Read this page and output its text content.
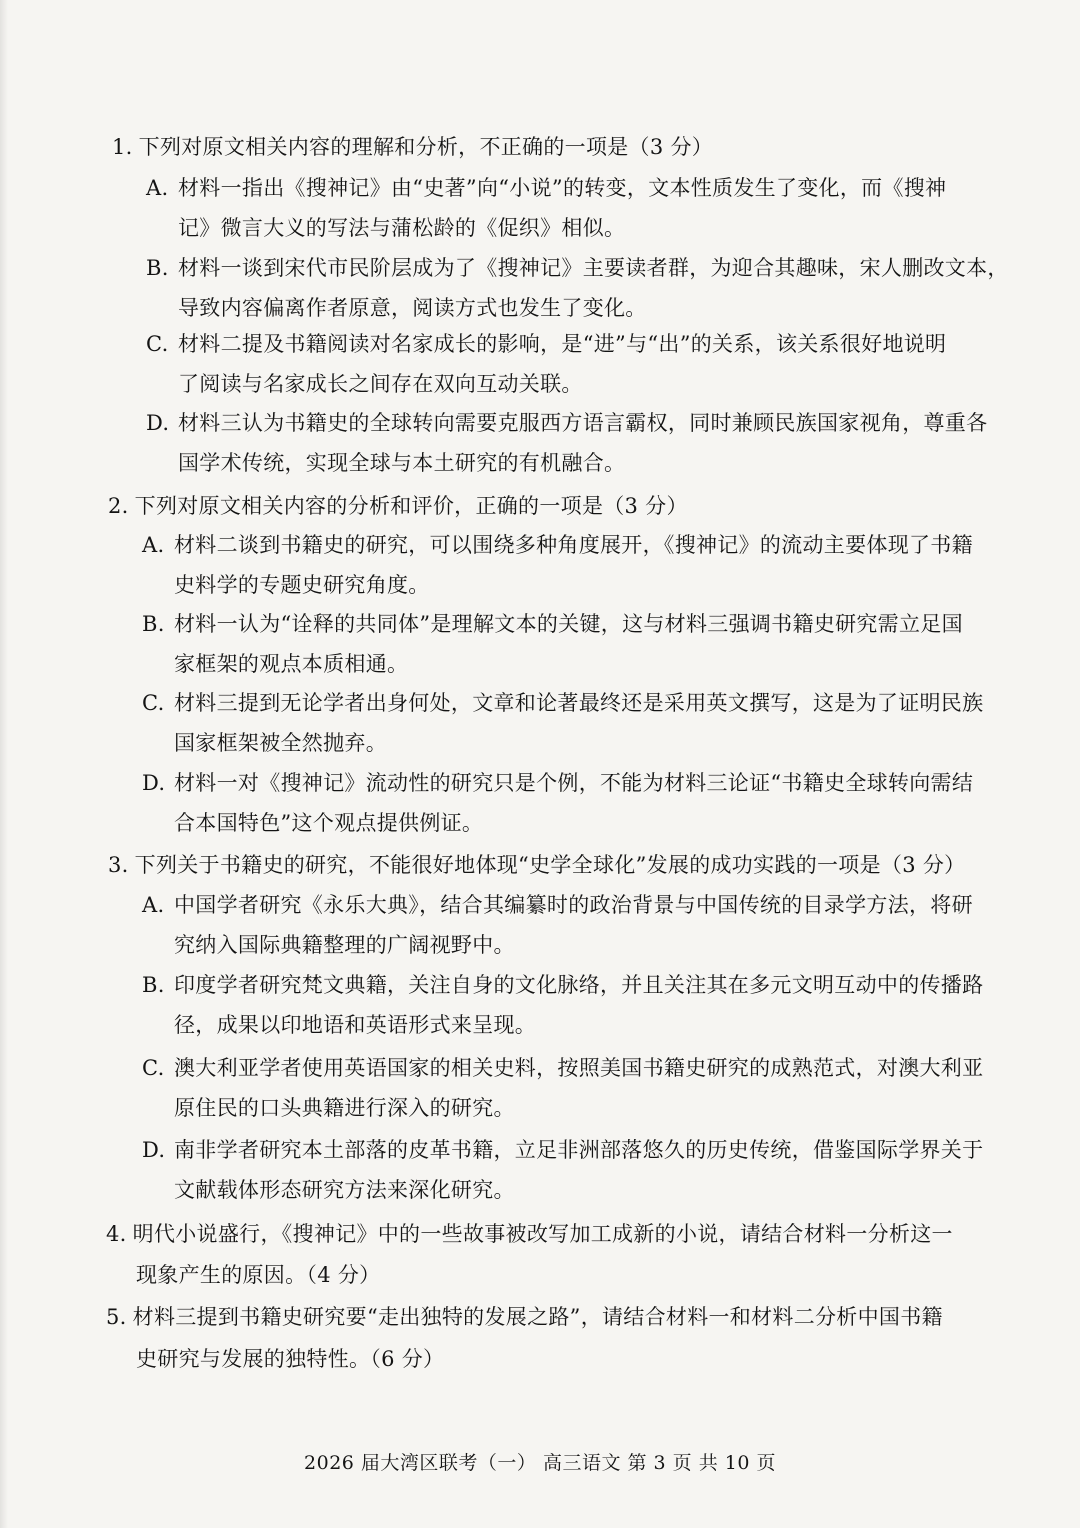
1. 下列对原文相关内容的理解和分析，不正确的一项是（3 分）
A. 材料一指出《搜神记》由“史著”向“小说”的转变，文本性质发生了变化，而《搜神
记》微言大义的写法与蒲松龄的《促织》相似。
B. 材料一谈到宋代市民阶层成为了《搜神记》主要读者群，为迎合其趣味，宋人删改文本，
导致内容偏离作者原意，阅读方式也发生了变化。
C. 材料二提及书籍阅读对名家成长的影响，是“进”与“出”的关系，该关系很好地说明
了阅读与名家成长之间存在双向互动关联。
D. 材料三认为书籍史的全球转向需要克服西方语言霸权，同时兼顾民族国家视角，尊重各
国学术传统，实现全球与本土研究的有机融合。
2. 下列对原文相关内容的分析和评价，正确的一项是（3 分）
A. 材料二谈到书籍史的研究，可以围绕多种角度展开，《搜神记》的流动主要体现了书籍
史料学的专题史研究角度。
B. 材料一认为“诠释的共同体”是理解文本的关键，这与材料三强调书籍史研究需立足国
家框架的观点本质相通。
C. 材料三提到无论学者出身何处，文章和论著最终还是采用英文撰写，这是为了证明民族
国家框架被全然抛弃。
D. 材料一对《搜神记》流动性的研究只是个例，不能为材料三论证“书籍史全球转向需结
合本国特色”这个观点提供例证。
3. 下列关于书籍史的研究，不能很好地体现“史学全球化”发展的成功实践的一项是（3 分）
A. 中国学者研究《永乐大典》，结合其编纂时的政治背景与中国传统的目录学方法，将研
究纳入国际典籍整理的广阔视野中。
B. 印度学者研究梵文典籍，关注自身的文化脉络，并且关注其在多元文明互动中的传播路
径，成果以印地语和英语形式来呈现。
C. 澳大利亚学者使用英语国家的相关史料，按照美国书籍史研究的成熟范式，对澳大利亚
原住民的口头典籍进行深入的研究。
D. 南非学者研究本土部落的皮革书籍，立足非洲部落悠久的历史传统，借鉴国际学界关于
文献载体形态研究方法来深化研究。
4. 明代小说盛行，《搜神记》中的一些故事被改写加工成新的小说，请结合材料一分析这一
现象产生的原因。（4 分）
5. 材料三提到书籍史研究要“走出独特的发展之路”，请结合材料一和材料二分析中国书籍
史研究与发展的独特性。（6 分）
2026 届大湾区联考（一） 高三语文 第 3 页 共 10 页
